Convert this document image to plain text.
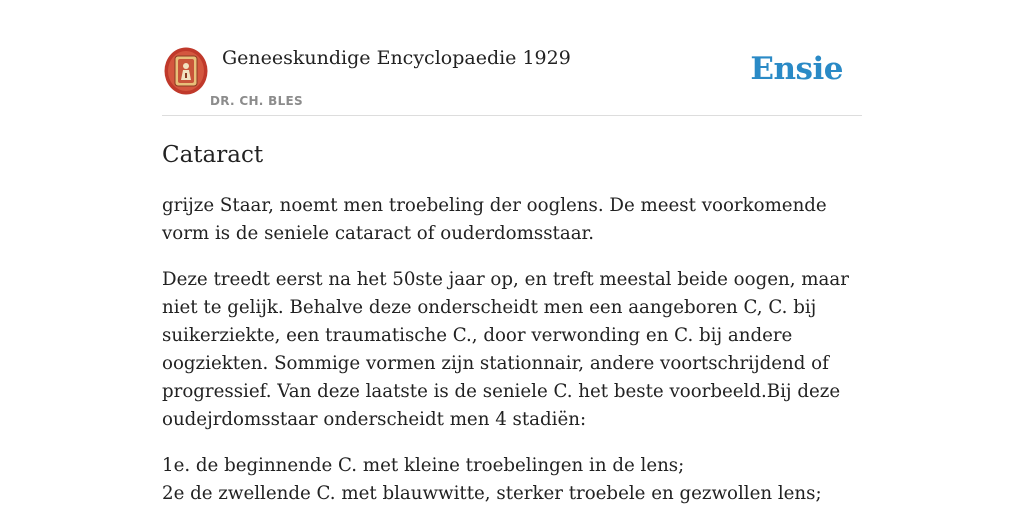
Geneeskundige Encyclopaedie 1929
DR. CH. BLES
Ensie
Cataract

grijze Staar, noemt men troebeling der ooglens. De meest voorkomende vorm is de seniele cataract of ouderdomsstaar.

Deze treedt eerst na het 50ste jaar op, en treft meestal beide oogen, maar niet te gelijk. Behalve deze onderscheidt men een aangeboren C, C. bij suikerziekte, een traumatische C., door verwonding en C. bij andere oogziekten. Sommige vormen zijn stationnair, andere voortschrijdend of progressief. Van deze laatste is de seniele C. het beste voorbeeld.Bij deze oudejrdomsstaar onderscheidt men 4 stadiën:

1e. de beginnende C. met kleine troebelingen in de lens;

2e de zwellende C. met blauwwitte, sterker troebele en gezwollen lens;
